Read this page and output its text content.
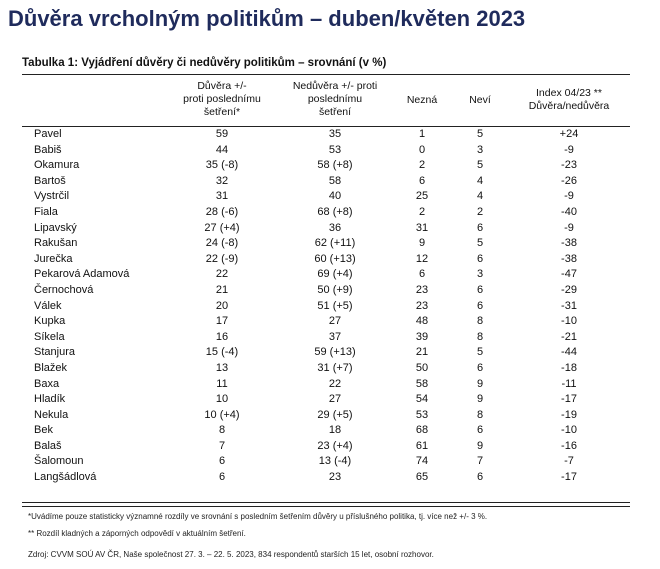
Důvěra vrcholným politikům – duben/květen 2023
Tabulka 1: Vyjádření důvěry či nedůvěry politikům – srovnání (v %)
Důvěra +/-
proti poslednímu
šetření*
Nedůvěra +/- proti
poslednímu
šetření
Nezná	Neví
Index 04/23 **
Důvěra/nedůvěra
Pavel	59	35	1	5	+24
Babiš	44	53	0	3	-9
Okamura	35 (-8)	58 (+8)	2	5	-23
Bartoš	32	58	6	4	-26
Vystrčil	31	40	25	4	-9
Fiala	28 (-6)	68 (+8)	2	2	-40
Lipavský	27 (+4)	36	31	6	-9
Rakušan	24 (-8)	62 (+11)	9	5	-38
Jurečka	22 (-9)	60 (+13)	12	6	-38
Pekarová Adamová	22	69 (+4)	6	3	-47
Černochová	21	50 (+9)	23	6	-29
Válek	20	51 (+5)	23	6	-31
Kupka	17	27	48	8	-10
Síkela	16	37	39	8	-21
Stanjura	15 (-4)	59 (+13)	21	5	-44
Blažek	13	31 (+7)	50	6	-18
Baxa	11	22	58	9	-11
Hladík	10	27	54	9	-17
Nekula	10 (+4)	29 (+5)	53	8	-19
Bek	8	18	68	6	-10
Balaš	7	23 (+4)	61	9	-16
Šalomoun	6	13 (-4)	74	7	-7
Langšádlová	6	23	65	6	-17
*Uvádíme pouze statisticky významné rozdíly ve srovnání s posledním šetřením důvěry u příslušného politika, tj. více než +/- 3 %.
** Rozdíl kladných a záporných odpovědí v aktuálním šetření.
Zdroj: CVVM SOÚ AV ČR, Naše společnost 27. 3. – 22. 5. 2023, 834 respondentů starších 15 let, osobní rozhovor.
